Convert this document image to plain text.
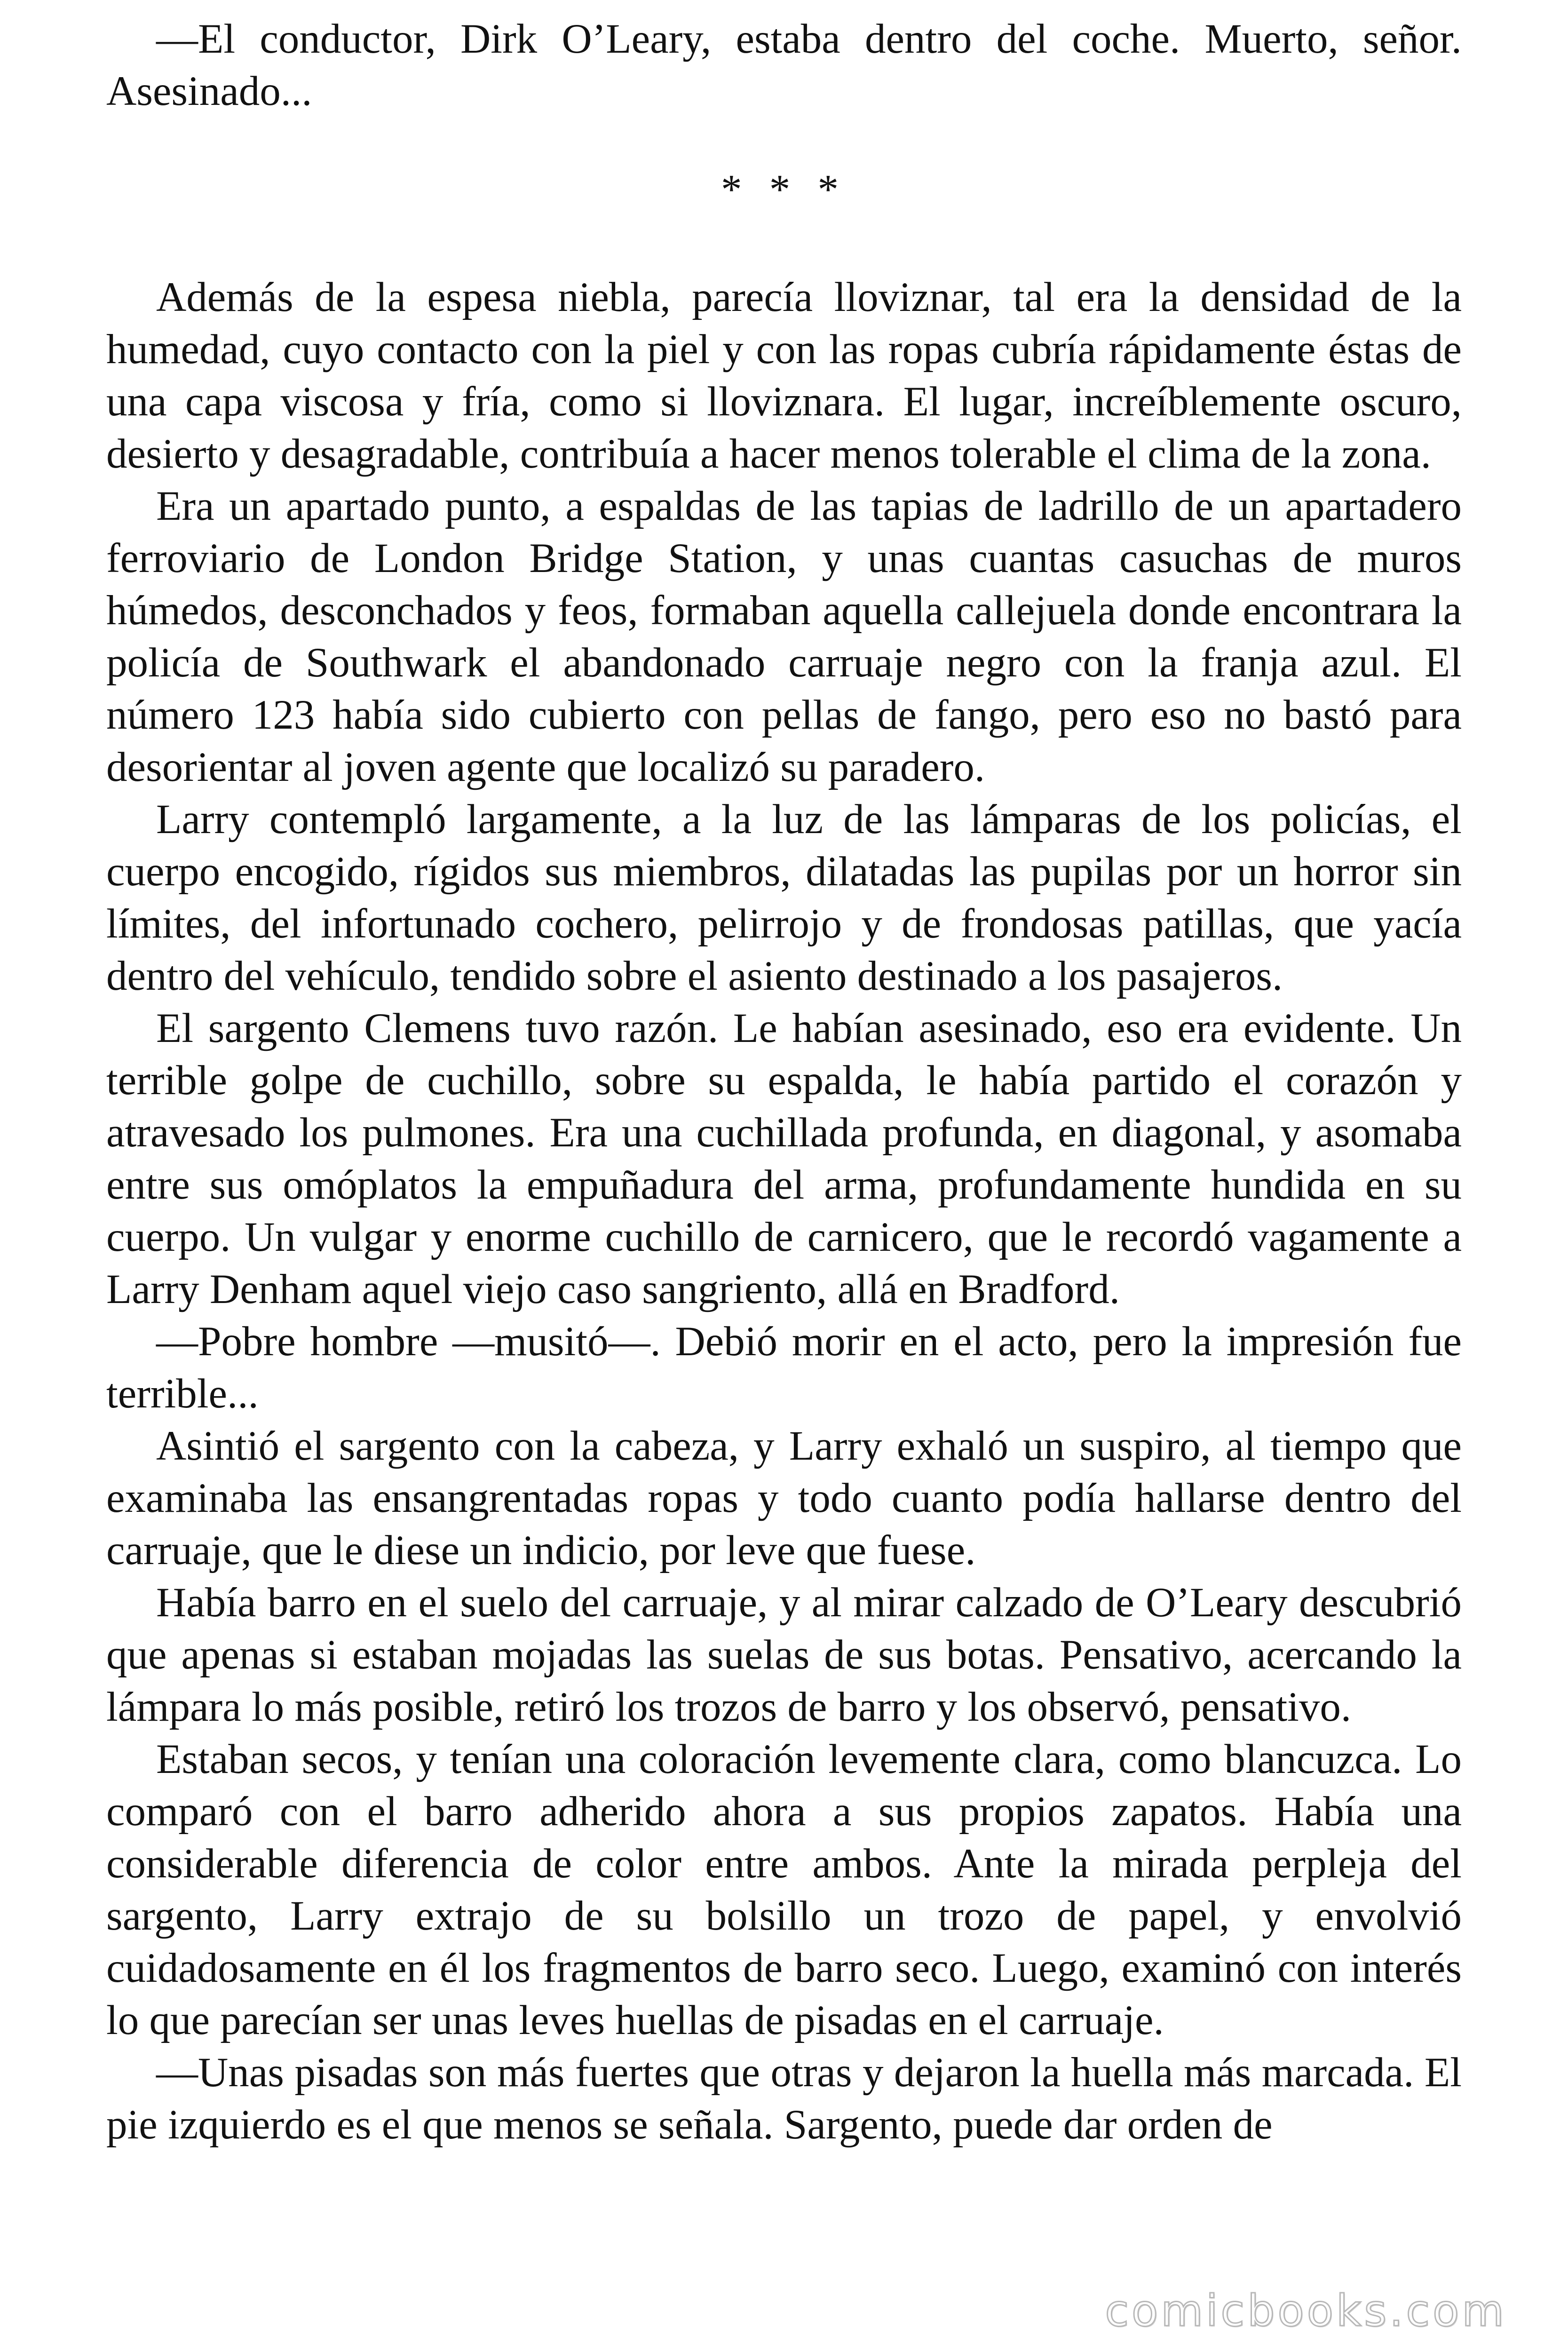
—El conductor, Dirk O’Leary, estaba dentro del coche. Muerto, señor. Asesinado...

* * *

Además de la espesa niebla, parecía lloviznar, tal era la densidad de la humedad, cuyo contacto con la piel y con las ropas cubría rápidamente éstas de una capa viscosa y fría, como si lloviznara. El lugar, increíblemente oscuro, desierto y desagradable, contribuía a hacer menos tolerable el clima de la zona.

Era un apartado punto, a espaldas de las tapias de ladrillo de un apartadero ferroviario de London Bridge Station, y unas cuantas casuchas de muros húmedos, desconchados y feos, formaban aquella callejuela donde encontrara la policía de Southwark el abandonado carruaje negro con la franja azul. El número 123 había sido cubierto con pellas de fango, pero eso no bastó para desorientar al joven agente que localizó su paradero.

Larry contempló largamente, a la luz de las lámparas de los policías, el cuerpo encogido, rígidos sus miembros, dilatadas las pupilas por un horror sin límites, del infortunado cochero, pelirrojo y de frondosas patillas, que yacía dentro del vehículo, tendido sobre el asiento destinado a los pasajeros.

El sargento Clemens tuvo razón. Le habían asesinado, eso era evidente. Un terrible golpe de cuchillo, sobre su espalda, le había partido el corazón y atravesado los pulmones. Era una cuchillada profunda, en diagonal, y asomaba entre sus omóplatos la empuñadura del arma, profundamente hundida en su cuerpo. Un vulgar y enorme cuchillo de carnicero, que le recordó vagamente a Larry Denham aquel viejo caso sangriento, allá en Bradford.

—Pobre hombre —musitó—. Debió morir en el acto, pero la impresión fue terrible...

Asintió el sargento con la cabeza, y Larry exhaló un suspiro, al tiempo que examinaba las ensangrentadas ropas y todo cuanto podía hallarse dentro del carruaje, que le diese un indicio, por leve que fuese.

Había barro en el suelo del carruaje, y al mirar calzado de O’Leary descubrió que apenas si estaban mojadas las suelas de sus botas. Pensativo, acercando la lámpara lo más posible, retiró los trozos de barro y los observó, pensativo.

Estaban secos, y tenían una coloración levemente clara, como blancuzca. Lo comparó con el barro adherido ahora a sus propios zapatos. Había una considerable diferencia de color entre ambos. Ante la mirada perpleja del sargento, Larry extrajo de su bolsillo un trozo de papel, y envolvió cuidadosamente en él los fragmentos de barro seco. Luego, examinó con interés lo que parecían ser unas leves huellas de pisadas en el carruaje.

—Unas pisadas son más fuertes que otras y dejaron la huella más marcada. El pie izquierdo es el que menos se señala. Sargento, puede dar orden de

comicbooks.com
